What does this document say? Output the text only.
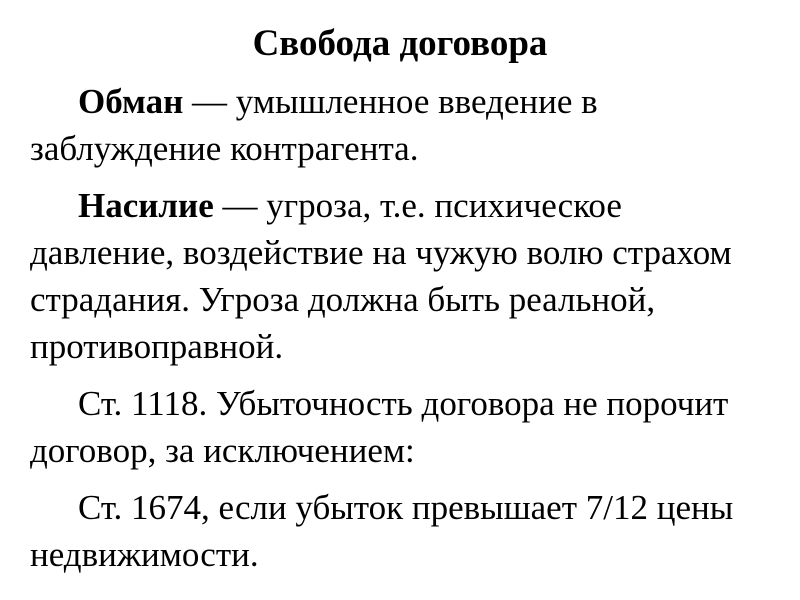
Свобода договора

Обман — умышленное введение в заблуждение контрагента.

Насилие — угроза, т.е. психическое давление, воздействие на чужую волю страхом страдания. Угроза должна быть реальной, противоправной.

Ст. 1118. Убыточность договора не порочит договор, за исключением:

Ст. 1674, если убыток превышает 7/12 цены недвижимости.
